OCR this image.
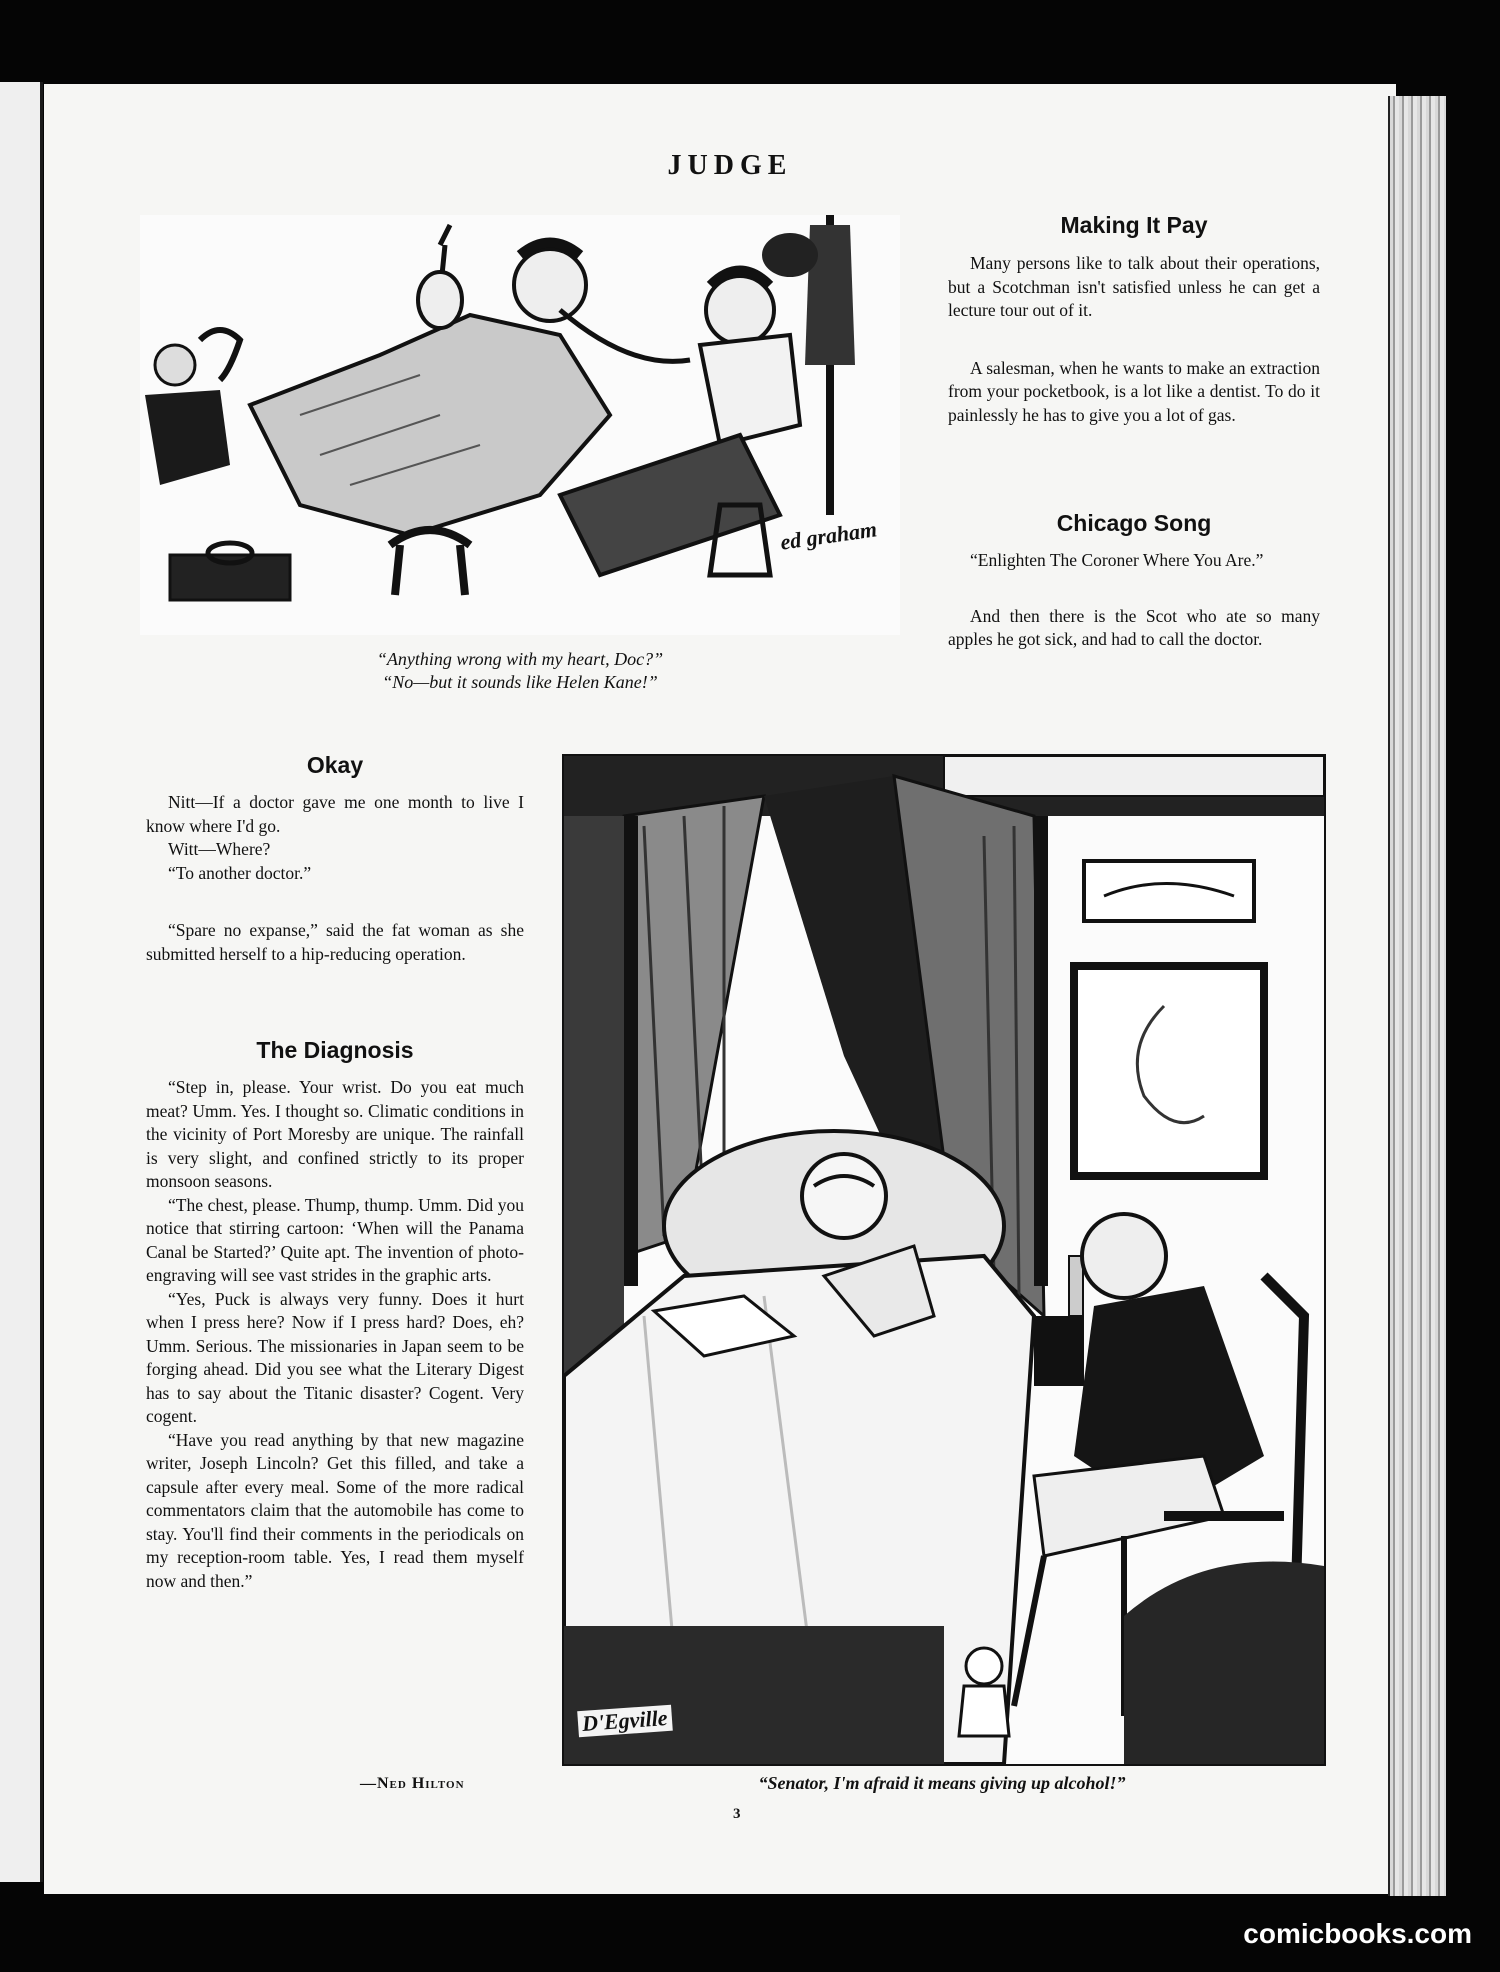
JUDGE
ed graham
“Anything wrong with my heart, Doc?”
“No—but it sounds like Helen Kane!”
Making It Pay

Many persons like to talk about their operations, but a Scotchman isn't satisfied unless he can get a lecture tour out of it.

A salesman, when he wants to make an extraction from your pocketbook, is a lot like a dentist. To do it painlessly he has to give you a lot of gas.

Chicago Song

“Enlighten The Coroner Where You Are.”

And then there is the Scot who ate so many apples he got sick, and had to call the doctor.

Okay

Nitt—If a doctor gave me one month to live I know where I'd go.

Witt—Where?

“To another doctor.”

“Spare no expanse,” said the fat woman as she submitted herself to a hip-reducing operation.

The Diagnosis

“Step in, please. Your wrist. Do you eat much meat? Umm. Yes. I thought so. Climatic conditions in the vicinity of Port Moresby are unique. The rainfall is very slight, and confined strictly to its proper monsoon seasons.

“The chest, please. Thump, thump. Umm. Did you notice that stirring cartoon: ‘When will the Panama Canal be Started?’ Quite apt. The invention of photo-engraving will see vast strides in the graphic arts.

“Yes, Puck is always very funny. Does it hurt when I press here? Now if I press hard? Does, eh? Umm. Serious. The missionaries in Japan seem to be forging ahead. Did you see what the Literary Digest has to say about the Titanic disaster? Cogent. Very cogent.

“Have you read anything by that new magazine writer, Joseph Lincoln? Get this filled, and take a capsule after every meal. Some of the more radical commentators claim that the automobile has come to stay. You'll find their comments in the periodicals on my reception-room table. Yes, I read them myself now and then.”

—Ned Hilton
D'Egville
“Senator, I'm afraid it means giving up alcohol!”
3
comicbooks.com
